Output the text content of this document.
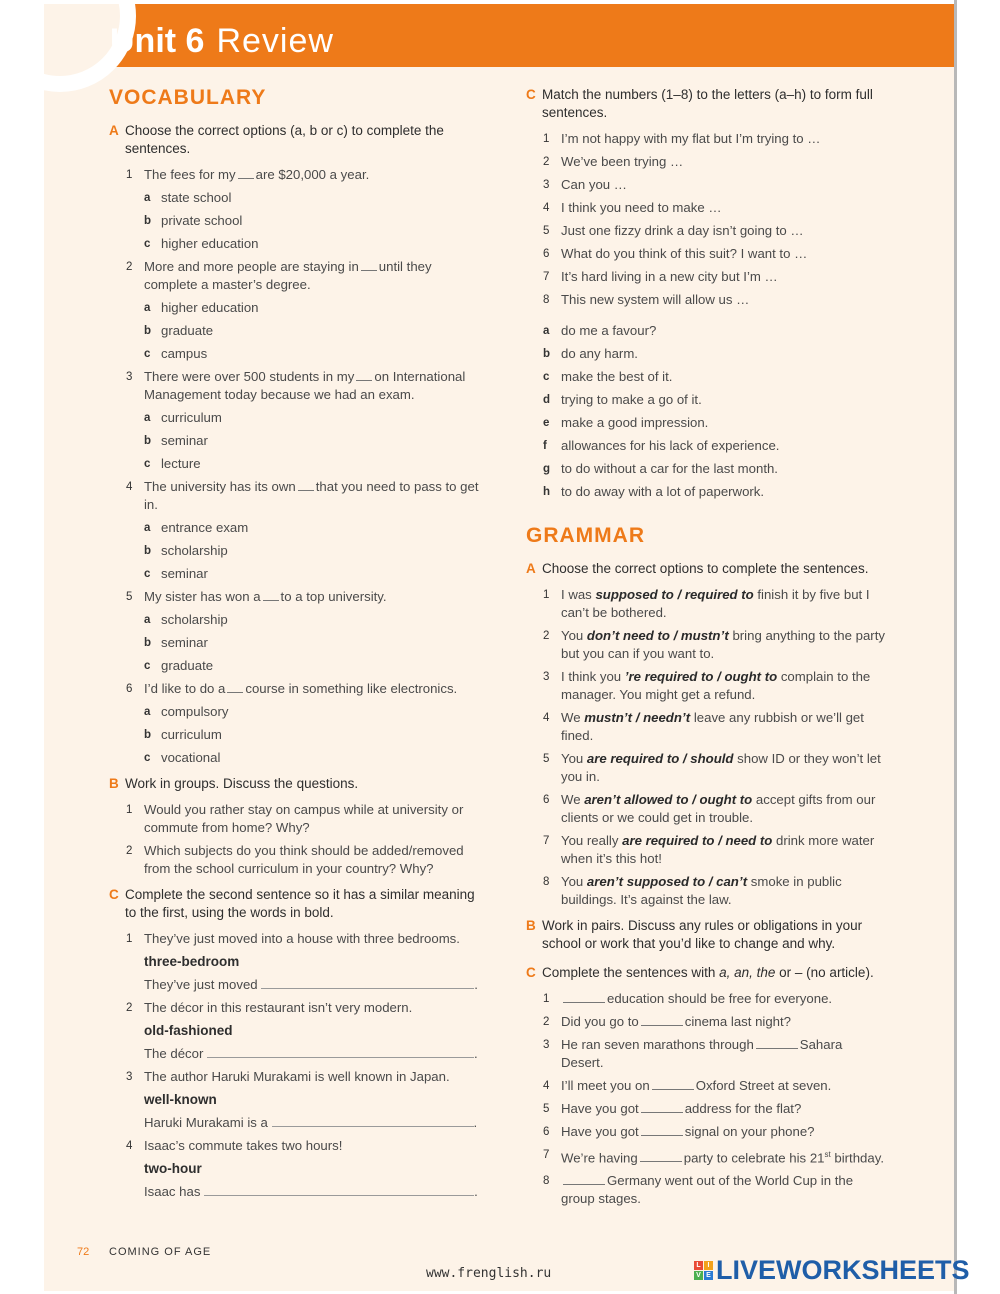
Unit 6 Review
VOCABULARY
A Choose the correct options (a, b or c) to complete the sentences.
1 The fees for my are $20,000 a year.
a state school
b private school
c higher education
2 More and more people are staying in until they complete a master’s degree.
a higher education
b graduate
c campus
3 There were over 500 students in my on International Management today because we had an exam.
a curriculum
b seminar
c lecture
4 The university has its own that you need to pass to get in.
a entrance exam
b scholarship
c seminar
5 My sister has won a to a top university.
a scholarship
b seminar
c graduate
6 I’d like to do a course in something like electronics.
a compulsory
b curriculum
c vocational
B Work in groups. Discuss the questions.
1 Would you rather stay on campus while at university or commute from home? Why?
2 Which subjects do you think should be added/removed from the school curriculum in your country? Why?
C Complete the second sentence so it has a similar meaning to the first, using the words in bold.
1 They’ve just moved into a house with three bedrooms.
three-bedroom
They’ve just moved	.
2 The décor in this restaurant isn’t very modern.
old-fashioned
The décor	.
3 The author Haruki Murakami is well known in Japan.
well-known
Haruki Murakami is a	.
4 Isaac’s commute takes two hours!
two-hour
Isaac has	.
C Match the numbers (1–8) to the letters (a–h) to form full sentences.
1 I’m not happy with my flat but I’m trying to …
2 We’ve been trying …
3 Can you …
4 I think you need to make …
5 Just one fizzy drink a day isn’t going to …
6 What do you think of this suit? I want to …
7 It’s hard living in a new city but I’m …
8 This new system will allow us …
a do me a favour?
b do any harm.
c make the best of it.
d trying to make a go of it.
e make a good impression.
f allowances for his lack of experience.
g to do without a car for the last month.
h to do away with a lot of paperwork.
GRAMMAR
A Choose the correct options to complete the sentences.
1 I was supposed to / required to finish it by five but I can’t be bothered.
2 You don’t need to / mustn’t bring anything to the party but you can if you want to.
3 I think you ’re required to / ought to complain to the manager. You might get a refund.
4 We mustn’t / needn’t leave any rubbish or we’ll get fined.
5 You are required to / should show ID or they won’t let you in.
6 We aren’t allowed to / ought to accept gifts from our clients or we could get in trouble.
7 You really are required to / need to drink more water when it’s this hot!
8 You aren’t supposed to / can’t smoke in public buildings. It’s against the law.
B Work in pairs. Discuss any rules or obligations in your school or work that you’d like to change and why.
C Complete the sentences with a, an, the or – (no article).
1	education should be free for everyone.
2 Did you go to	cinema last night?
3 He ran seven marathons through	Sahara Desert.
4 I’ll meet you on	Oxford Street at seven.
5 Have you got	address for the flat?
6 Have you got	signal on your phone?
7 We’re having	party to celebrate his 21st birthday.
8	Germany went out of the World Cup in the group stages.
72 COMING OF AGE
www.frenglish.ru
L I
V E LIVEWORKSHEETS
